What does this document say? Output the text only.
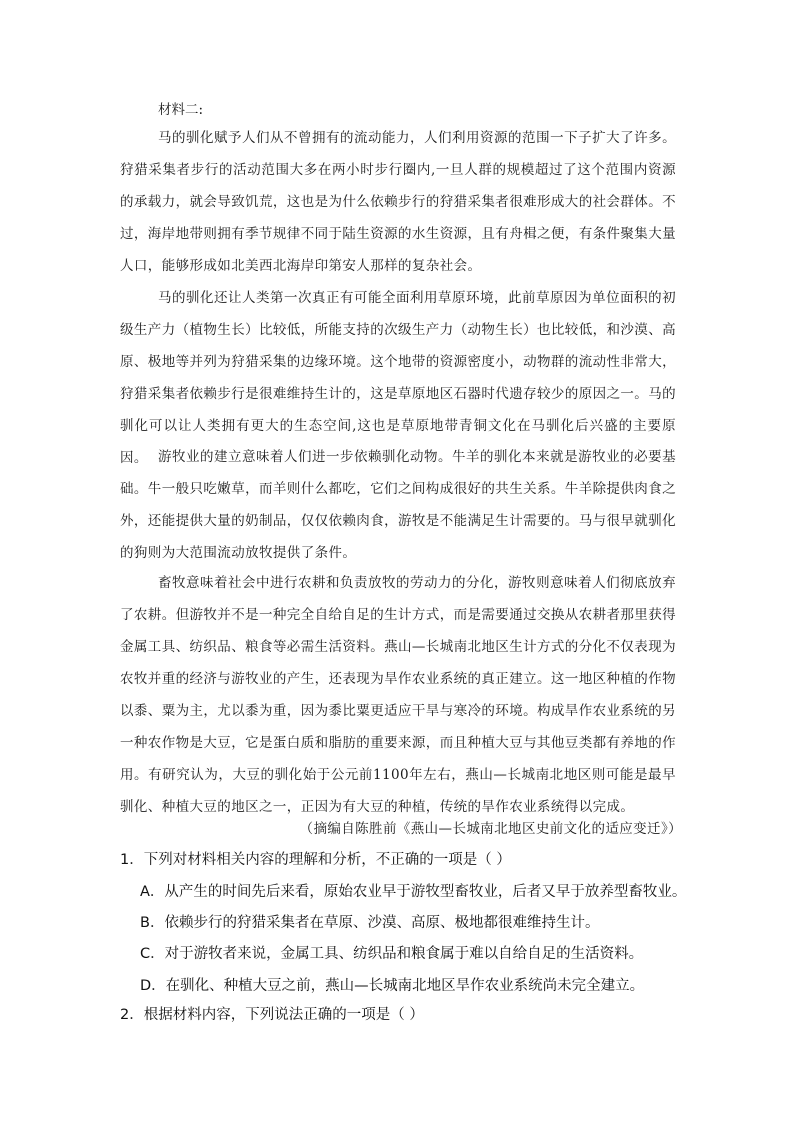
材料二:

马的驯化赋予人们从不曾拥有的流动能力，人们利用资源的范围一下子扩大了许多。狩猎采集者步行的活动范围大多在两小时步行圈内,一旦人群的规模超过了这个范围内资源的承载力，就会导致饥荒，这也是为什么依赖步行的狩猎采集者很难形成大的社会群体。不过，海岸地带则拥有季节规律不同于陆生资源的水生资源，且有舟楫之便，有条件聚集大量人口，能够形成如北美西北海岸印第安人那样的复杂社会。

马的驯化还让人类第一次真正有可能全面利用草原环境，此前草原因为单位面积的初级生产力（植物生长）比较低，所能支持的次级生产力（动物生长）也比较低，和沙漠、高原、极地等并列为狩猎采集的边缘环境。这个地带的资源密度小，动物群的流动性非常大，狩猎采集者依赖步行是很难维持生计的，这是草原地区石器时代遗存较少的原因之一。马的驯化可以让人类拥有更大的生态空间,这也是草原地带青铜文化在马驯化后兴盛的主要原因。 游牧业的建立意味着人们进一步依赖驯化动物。牛羊的驯化本来就是游牧业的必要基础。牛一般只吃嫩草，而羊则什么都吃，它们之间构成很好的共生关系。牛羊除提供肉食之外，还能提供大量的奶制品，仅仅依赖肉食，游牧是不能满足生计需要的。马与很早就驯化的狗则为大范围流动放牧提供了条件。

畜牧意味着社会中进行农耕和负责放牧的劳动力的分化，游牧则意味着人们彻底放弃了农耕。但游牧并不是一种完全自给自足的生计方式，而是需要通过交换从农耕者那里获得金属工具、纺织品、粮食等必需生活资料。燕山—长城南北地区生计方式的分化不仅表现为农牧并重的经济与游牧业的产生，还表现为旱作农业系统的真正建立。这一地区种植的作物以黍、粟为主，尤以黍为重，因为黍比粟更适应干旱与寒冷的环境。构成旱作农业系统的另一种农作物是大豆，它是蛋白质和脂肪的重要来源，而且种植大豆与其他豆类都有养地的作用。有研究认为，大豆的驯化始于公元前1100年左右，燕山—长城南北地区则可能是最早驯化、种植大豆的地区之一，正因为有大豆的种植，传统的旱作农业系统得以完成。

（摘编自陈胜前《燕山—长城南北地区史前文化的适应变迁》）
1．下列对材料相关内容的理解和分析，不正确的一项是（ ）
A．从产生的时间先后来看，原始农业早于游牧型畜牧业，后者又早于放养型畜牧业。
B．依赖步行的狩猎采集者在草原、沙漠、高原、极地都很难维持生计。
C．对于游牧者来说，金属工具、纺织品和粮食属于难以自给自足的生活资料。
D．在驯化、种植大豆之前，燕山—长城南北地区旱作农业系统尚未完全建立。
2．根据材料内容，下列说法正确的一项是（ ）
